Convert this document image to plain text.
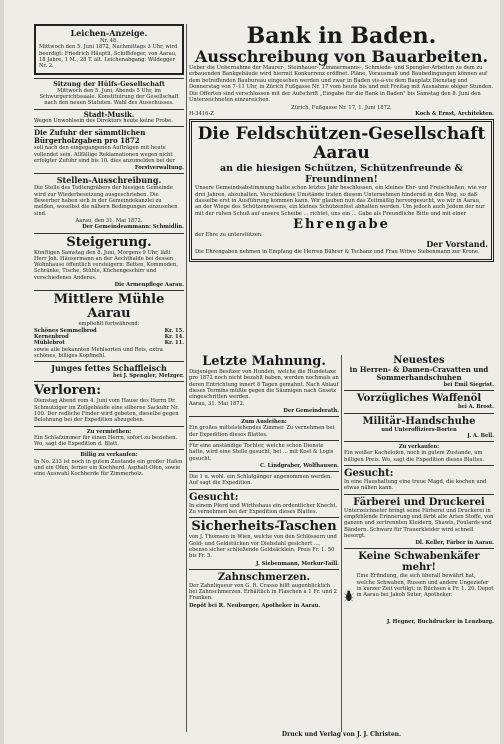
Leichen-Anzeige.
Nr. 48.

Mittwoch den 5. Juni 1872, Nachmittags 3 Uhr, wird beerdigt: Friedrich Häuptli, Schiffsfeger, von Aarau, 18 Jahre, 1 M., 28 T. alt. Leichenabgang: Wildegger Nr. 2.

Sitzung der Hülfs-Gesellschaft

Mittwoch den 5. Juni, Abends 5 Uhr, im Schwurgerichtssaale. Konstituirung der Gesellschaft nach den neuen Statuten. Wahl des Ausschusses.

Stadt-Musik.

Wegen Unwohlsein des Direktors heute keine Probe.

Die Zufuhr der sämmtlichen Bürgerholzgaben pro 1872

soll nach den eingegangenen Aufträgen mit heute vollendet sein. Allfällige Reklamationen wegen nicht erfolgter Zufuhr sind bis 10. dies anzumelden bei der

Forstverwaltung.
Stellen-Ausschreibung.

Die Stelle des Todtengräbers der hiesigen Gemeinde wird zur Wiederbesetzung ausgeschrieben. Die Bewerber haben sich in der Gemeindekanzlei zu melden, woselbst die nähern Bedingungen einzusehen sind.

Aarau, den 31. Mai 1872.
Der Gemeindeammann: Schmidlin.
Steigerung.

Künftigen Samstag den 8. Juni, Morgens 9 Uhr, läßt Herr Joh. Häusermann an der Aechthalde bei dessen Wohnhause öffentlich versteigern: Betten, Kommoden, Schränke, Tische, Stühle, Küchengeschirr und verschiedenes Anderes.

Die Armenpflege Aarau.
Mittlere Mühle Aarau
empfiehlt fortwährend:
Schönes Semmelbrod	Kr. 15.
Kernenbrod	Kr. 14.
Mühlebrot	Kr. 11.

sowie alle bekannten Mehlsorten und Reis, extra schönes, billiges Kopfmehl.

Junges fettes Schaffleisch
bei J. Spengler, Metzger.
Verloren:

Dienstag Abend vom 4. Juni vom Hause des Herrn Dr. Schmutziger im Zollgebäude eine silberne Sackuhr Nr. 100. Der redliche Finder wird gebeten, dieselbe gegen Belohnung bei der Expedition abzugeben.

Zu vermiethen:

Ein Schlafzimmer für einen Herrn, sofort zu beziehen. Wo, sagt die Expedition d. Blatt.

Billig zu verkaufen:

In No. 233 ist noch in gutem Zustande ein großer Hafen und ein Ofen, ferner ein Kochherd. Asphalt-Ofen, sowie eine Auswahl Kochherde für Zimmerholz.

Bank in Baden.
Ausschreibung von Bauarbeiten.

Ueber die Uebernahme der Maurer-, Steinhauer-, Zimmermanns-, Schmiede- und Spengler-Arbeiten zu dem zu erbauenden Bankgebäude wird hiermit Konkurrenz eröffnet. Pläne, Vorausmaß und Baubedingungen können auf dem betreffenden Baubureau eingesehen werden und zwar in Baden vis-à-vis dem Bauplatz Dienstag und Donnerstag von 7–11 Uhr, in Zürich Fußgasse Nr. 17 vom heute bis und mit Freitag mit Ausnahme obiger Stunden.

Die Offerten sind verschlossen mit der Aufschrift „Eingabe für die Bank in Baden" bis Samstag den 8. Juni den Unterzeichneten einzureichen.

Zürich, Fußgasse Nr. 17, 1. Juni 1872.
H-3416-Z	Koch & Ernst, Architekten.
Die Feldschützen-Gesellschaft Aarau
an die hiesigen Schützen, Schützenfreunde & Freundinnen!

Unsere Gemeindsabstimmung hatte schon letztes Jahr beschlossen, ein kleines Ehr- und Freischießen, wie vor drei Jahren, abzuhalten. Verschiedene Umstände traten diesem Unternehmen hindernd in den Weg, so daß dasselbe erst in Ausführung kommen kann. Wir glauben nun das Zeitmäßig hervorgesucht, wo wir in Aarau, an der Wiege des Schützenwesens, ein kleines Schützenfest abhalten werden. Um jedoch auch Jedem der nur mit der ruhen Schuß auf unsere Scheibe ... richtet, uns ein ... Gabe als Freundliche Bitte und mit einer

Ehrengabe

der Ehre zu unterstützen.

Der Vorstand.

Die Ehrengaben nehmen in Empfang die Herren Bührer & Tschanz und Frau Witwe Siebenmann zur Krone.

Letzte Mahnung.

Diejenigen Besitzer von Hunden, welche die Hundetaxe pro 1872 noch nicht bezahlt haben, werden nochmals an deren Entrichtung innert 8 Tagen gemahnt. Nach Ablauf dieses Termins müßte gegen die Säumigen nach Gesetz eingeschritten werden.

Aarau, 31. Mai 1872.
Der Gemeinderath.
Zum Ausleihen:

Ein großes mittelstehendes Zimmer. Zu vernehmen bei der Expedition dieses Blattes.

Für eine anständige Tochter, welche schon Dienste hatte, wird eine Stelle gesucht, bei ... mit Kost & Logis gesucht.

C. Lindgraber, Wolfhausen.

Die 1 u. wohl. ein Schlafgänger angenommen werden. Auf sagt die Expedition.

Gesucht:

In einem Pferd und Wirthshaus ein ordentlicher Knecht. Zu vernehmen bei der Expedition dieses Blattes.

Sicherheits-Taschen

von J. Thomsen in Wien, welche von den Schlössern und Gold- und Geldstücken vor Diebstahl gesichert ..., ebenso sicher schließende Geldsäcklein. Preis Fr. 1. 50 bis Fr. 5.

J. Siebenmann, Merkur-Taill.
Zahnschmerzen.

Der Zahnliqueur von G. R. Crasso hilft augenblicklich bei Zahnschmerzen. Erhältlich in Flaschen à 1 Fr. und 2 Franken.

Depôt bei R. Neuburger, Apotheker in Aarau.
Neuestes
in Herren- & Damen-Cravatten und Sommerhandschuhen
bei Emil Siegrist.
Vorzügliches Waffenöl
bei A. Brost.
Militär-Handschuhe
und Unteroffiziers-Borten
J. A. Bell.
Zu verkaufen:

Ein weißer Kachelofen, noch in gutem Zustande, um billigen Preis. Wo, sagt die Expedition dieses Blattes.

Gesucht:

In eine Haushaltung eine treue Magd, die kochen und etwas nähen kann.

Färberei und Druckerei

Unterzeichneter bringt seine Färberei und Druckerei in empfehlende Erinnerung und färbt alle Arten Stoffe, von ganzen und zertrennten Kleidern, Shawls, Foulards und Bändern. Schwarz für Trauerkleider wird schnell besorgt.

Dl. Keller, Färber in Aarau.
Keine Schwabenkäfer mehr!

Eine Erfindung, die sich überall bewährt hat, welche Schwaben, Russen und andere Ungeziefer in kurzer Zeit vertilgt; in Büchsen à Fr. 1. 20. Depot in Aarau bei Jakob Suter, Apotheker.

J. Hegner, Buchdrucker in Lenzburg.
Druck und Verlag von J. J. Christen.
